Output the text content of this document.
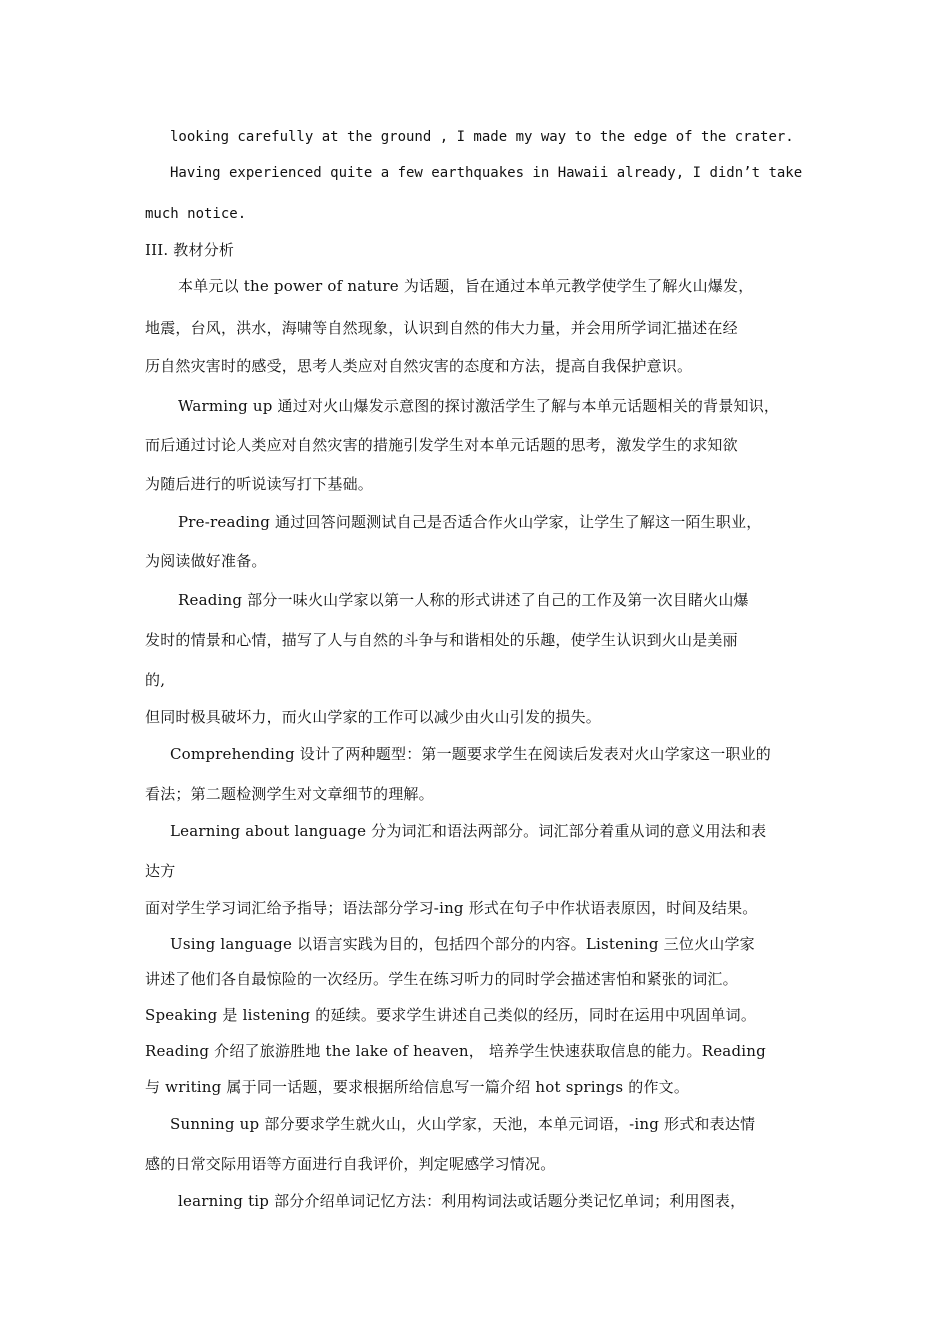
looking carefully at the ground , I made my way to the edge of the crater.
Having experienced quite a few earthquakes in Hawaii already, I didn’t take
much notice.
III. 教材分析
本单元以 the power of nature 为话题，旨在通过本单元教学使学生了解火山爆发，
地震，台风，洪水，海啸等自然现象，认识到自然的伟大力量，并会用所学词汇描述在经
历自然灾害时的感受，思考人类应对自然灾害的态度和方法，提高自我保护意识。
Warming up 通过对火山爆发示意图的探讨激活学生了解与本单元话题相关的背景知识，
而后通过讨论人类应对自然灾害的措施引发学生对本单元话题的思考，激发学生的求知欲
为随后进行的听说读写打下基础。
Pre-reading 通过回答问题测试自己是否适合作火山学家，让学生了解这一陌生职业，
为阅读做好准备。
Reading 部分一味火山学家以第一人称的形式讲述了自己的工作及第一次目睹火山爆
发时的情景和心情，描写了人与自然的斗争与和谐相处的乐趣，使学生认识到火山是美丽
的,
但同时极具破坏力，而火山学家的工作可以减少由火山引发的损失。
Comprehending 设计了两种题型：第一题要求学生在阅读后发表对火山学家这一职业的
看法；第二题检测学生对文章细节的理解。
Learning about language 分为词汇和语法两部分。词汇部分着重从词的意义用法和表
达方
面对学生学习词汇给予指导；语法部分学习-ing 形式在句子中作状语表原因，时间及结果。
Using language 以语言实践为目的，包括四个部分的内容。Listening 三位火山学家
讲述了他们各自最惊险的一次经历。学生在练习听力的同时学会描述害怕和紧张的词汇。
Speaking 是 listening 的延续。要求学生讲述自己类似的经历，同时在运用中巩固单词。
Reading 介绍了旅游胜地 the lake of heaven， 培养学生快速获取信息的能力。Reading
与 writing 属于同一话题，要求根据所给信息写一篇介绍 hot springs 的作文。
Sunning up 部分要求学生就火山，火山学家，天池，本单元词语，-ing 形式和表达情
感的日常交际用语等方面进行自我评价，判定呢感学习情况。
learning tip 部分介绍单词记忆方法：利用构词法或话题分类记忆单词；利用图表，
